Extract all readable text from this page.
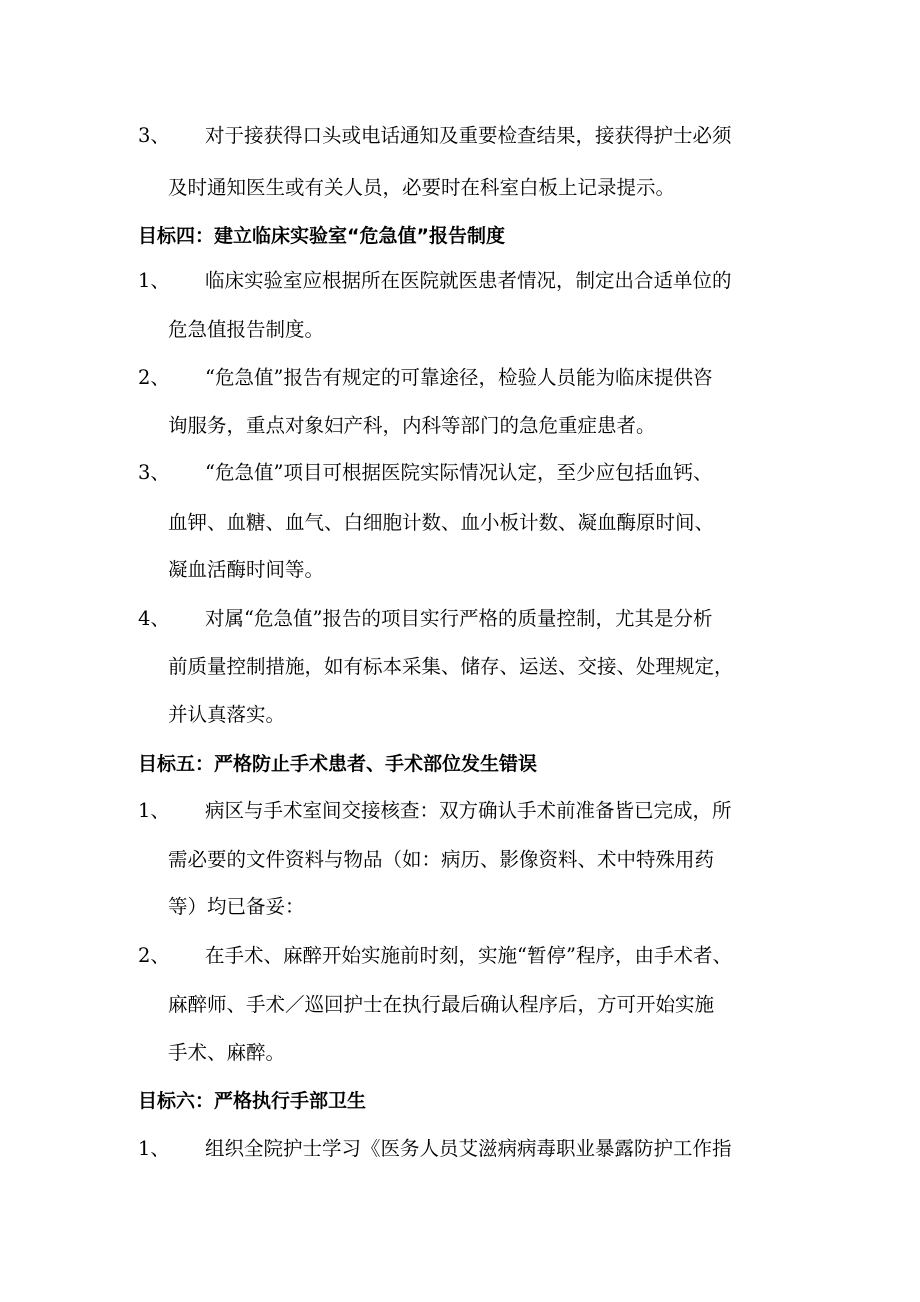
3、 对于接获得口头或电话通知及重要检查结果，接获得护士必须
及时通知医生或有关人员，必要时在科室白板上记录提示。
目标四：建立临床实验室“危急值”报告制度
1、 临床实验室应根据所在医院就医患者情况，制定出合适单位的
危急值报告制度。
2、 “危急值”报告有规定的可靠途径，检验人员能为临床提供咨
询服务，重点对象妇产科，内科等部门的急危重症患者。
3、 “危急值”项目可根据医院实际情况认定，至少应包括血钙、
血钾、血糖、血气、白细胞计数、血小板计数、凝血酶原时间、
凝血活酶时间等。
4、 对属“危急值”报告的项目实行严格的质量控制，尤其是分析
前质量控制措施，如有标本采集、储存、运送、交接、处理规定，
并认真落实。
目标五：严格防止手术患者、手术部位发生错误
1、 病区与手术室间交接核查：双方确认手术前准备皆已完成，所
需必要的文件资料与物品（如：病历、影像资料、术中特殊用药
等）均已备妥：
2、 在手术、麻醉开始实施前时刻，实施“暂停”程序，由手术者、
麻醉师、手术／巡回护士在执行最后确认程序后，方可开始实施
手术、麻醉。
目标六：严格执行手部卫生
1、 组织全院护士学习《医务人员艾滋病病毒职业暴露防护工作指
